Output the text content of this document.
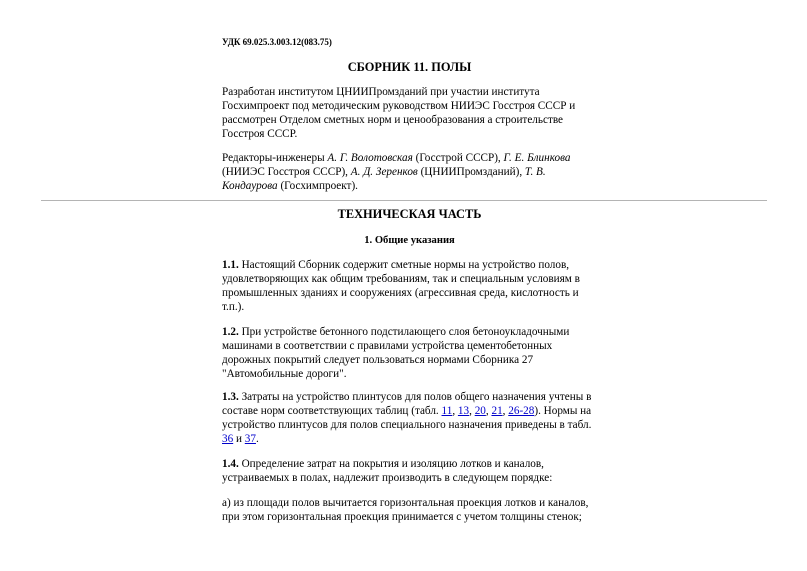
УДК 69.025.3.003.12(083.75)
СБОРНИК 11. ПОЛЫ

Разработан институтом ЦНИИПромзданий при участии института Госхимпроект под методическим руководством НИИЭС Госстроя СССР и рассмотрен Отделом сметных норм и ценообразования а строительстве Госстроя СССР.

Редакторы-инженеры А. Г. Волотовская (Госстрой СССР), Г. Е. Блинкова (НИИЭС Госстроя СССР), А. Д. Зеренков (ЦНИИПромзданий), Т. В. Кондаурова (Госхимпроект).

ТЕХНИЧЕСКАЯ ЧАСТЬ
1. Общие указания

1.1. Настоящий Сборник содержит сметные нормы на устройство полов, удовлетворяющих как общим требованиям, так и специальным условиям в промышленных зданиях и сооружениях (агрессивная среда, кислотность и т.п.).

1.2. При устройстве бетонного подстилающего слоя бетоноукладочными машинами в соответствии с правилами устройства цементобетонных дорожных покрытий следует пользоваться нормами Сборника 27 "Автомобильные дороги".

1.3. Затраты на устройство плинтусов для полов общего назначения учтены в составе норм соответствующих таблиц (табл. 11, 13, 20, 21, 26-28). Нормы на устройство плинтусов для полов специального назначения приведены в табл. 36 и 37.

1.4. Определение затрат на покрытия и изоляцию лотков и каналов, устраиваемых в полах, надлежит производить в следующем порядке:

а) из площади полов вычитается горизонтальная проекция лотков и каналов, при этом горизонтальная проекция принимается с учетом толщины стенок;
